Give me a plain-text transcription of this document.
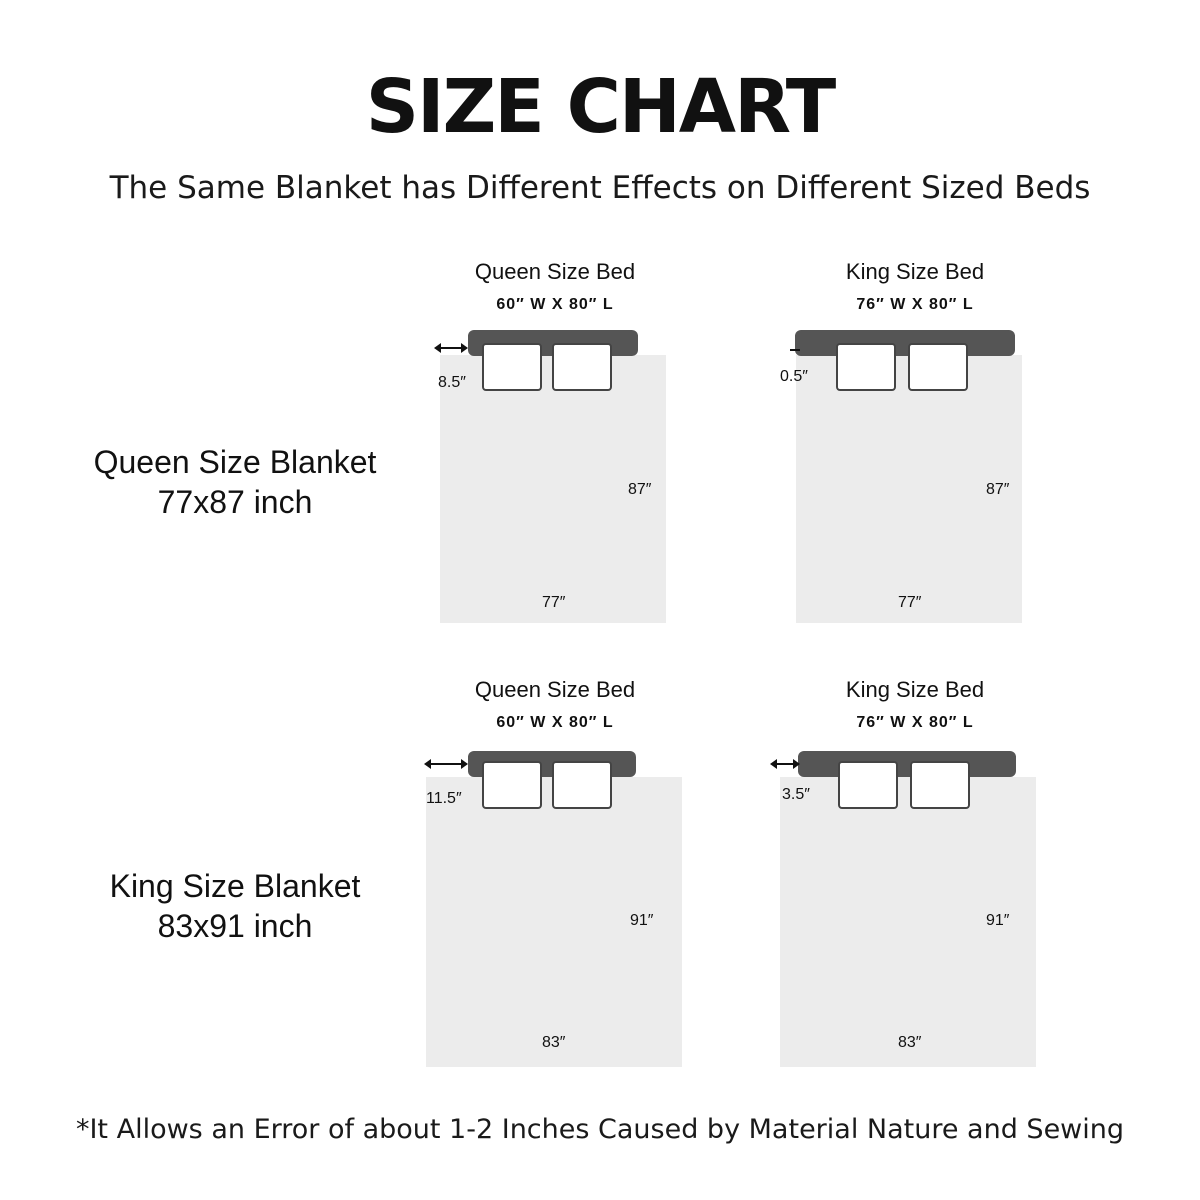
SIZE CHART
The Same Blanket has Different Effects on Different Sized Beds
Queen Size Blanket
77x87 inch
Queen Size Bed
60″ W X 80″ L
8.5″
87″
77″
King Size Bed
76″ W X 80″ L
0.5″
87″
77″
King Size Blanket
83x91 inch
Queen Size Bed
60″ W X 80″ L
11.5″
91″
83″
King Size Bed
76″ W X 80″ L
3.5″
91″
83″
*It Allows an Error of about 1-2 Inches Caused by Material Nature and Sewing
